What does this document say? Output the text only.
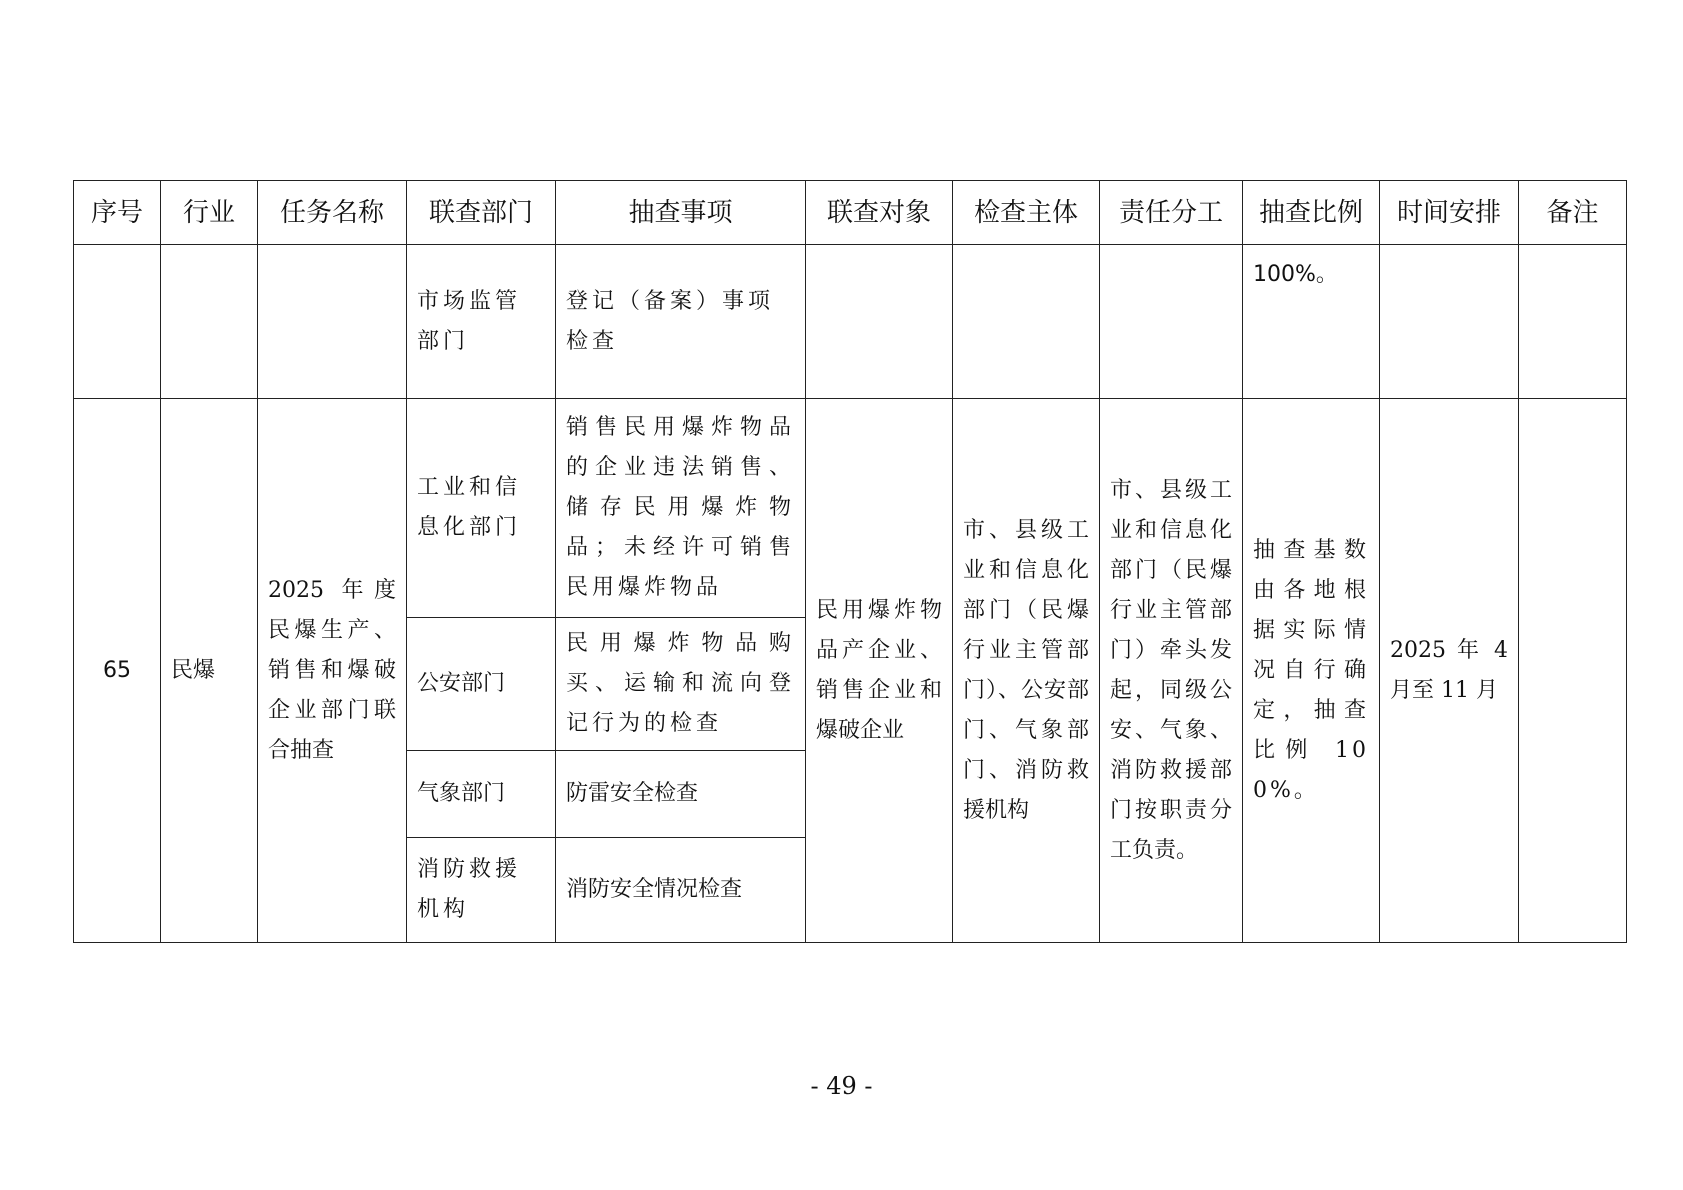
序号	行业	任务名称	联查部门	抽查事项	联查对象	检查主体	责任分工	抽查比例	时间安排	备注
			市场监管部门	登记（备案）事项检查				100%。		
65	民爆	2025 年度民爆生产、销售和爆破企业部门联合抽查	工业和信息化部门	销售民用爆炸物品的企业违法销售、储存民用爆炸物品；未经许可销售民用爆炸物品	民用爆炸物品产企业、销售企业和爆破企业	市、县级工业和信息化部门（民爆行业主管部门）、公安部门、气象部门、消防救援机构	市、县级工业和信息化部门（民爆行业主管部门）牵头发起，同级公安、气象、消防救援部门按职责分工负责。	抽查基数由各地根据实际情况自行确定，抽查比例 100%。	2025 年 4 月至 11 月	
			公安部门	民用爆炸物品购买、运输和流向登记行为的检查						
			气象部门	防雷安全检查						
			消防救援机构	消防安全情况检查						
- 49 -
